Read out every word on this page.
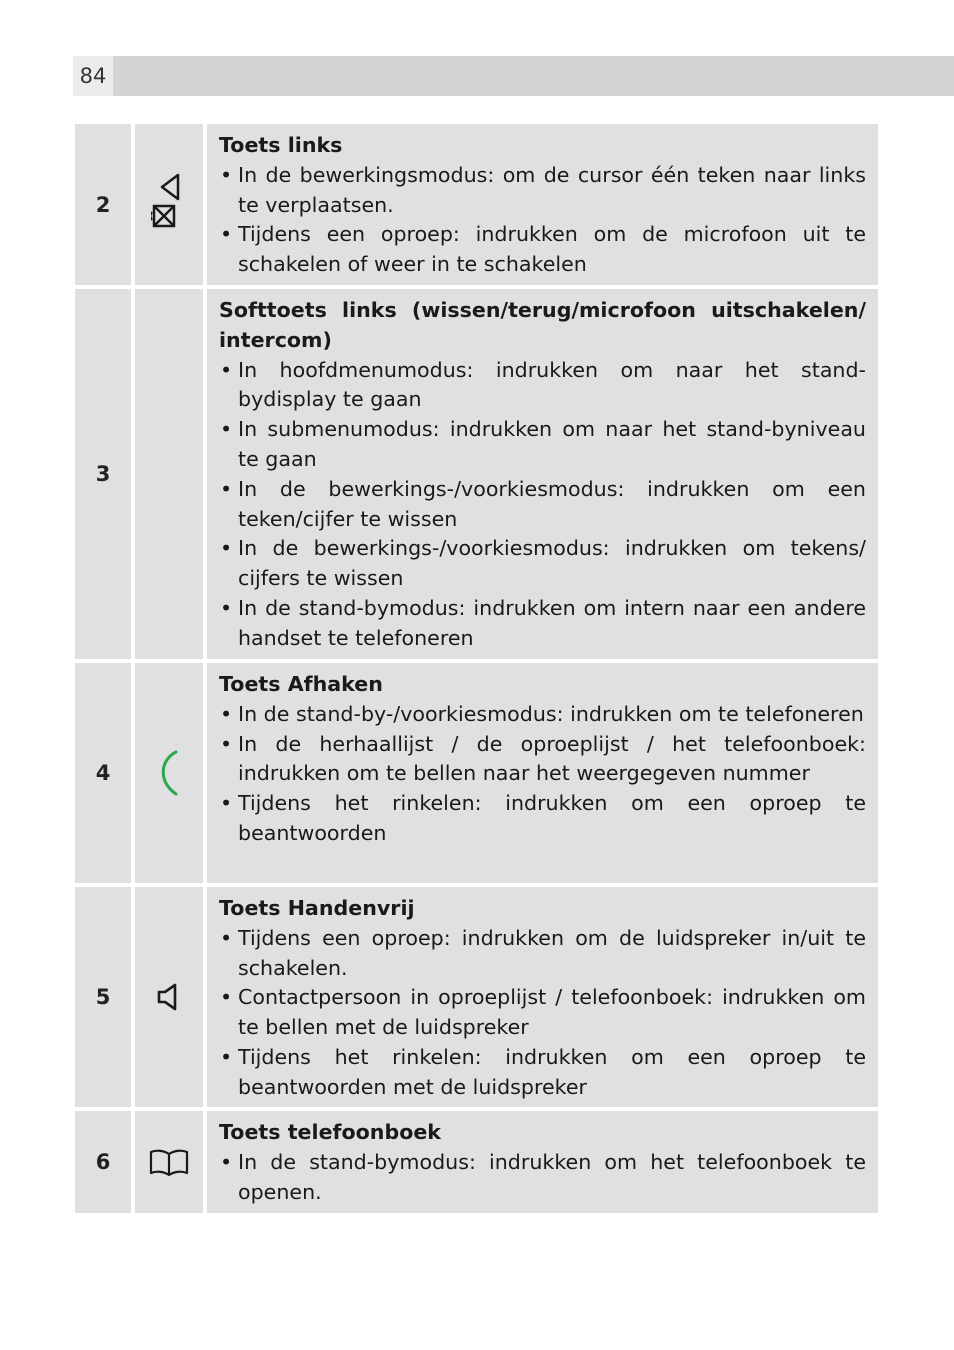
84
2
Toets links
• In de bewerkingsmodus: om de cursor één teken naar links te verplaatsen.
• Tijdens een oproep: indrukken om de microfoon uit te schakelen of weer in te schakelen
3
Softtoets links (wissen/terug/microfoon uitschakelen/ intercom)
• In hoofdmenumodus: indrukken om naar het stand-bydisplay te gaan
• In submenumodus: indrukken om naar het stand-byniveau te gaan
• In de bewerkings-/voorkiesmodus: indrukken om een teken/cijfer te wissen
• In de bewerkings-/voorkiesmodus: indrukken om tekens/ cijfers te wissen
• In de stand-bymodus: indrukken om intern naar een andere handset te telefoneren
4
Toets Afhaken
• In de stand-by-/voorkiesmodus: indrukken om te telefoneren
• In de herhaallijst / de oproeplijst / het telefoonboek: indrukken om te bellen naar het weergegeven nummer
• Tijdens het rinkelen: indrukken om een oproep te beantwoorden
5
Toets Handenvrij
• Tijdens een oproep: indrukken om de luidspreker in/uit te schakelen.
• Contactpersoon in oproeplijst / telefoonboek: indrukken om te bellen met de luidspreker
• Tijdens het rinkelen: indrukken om een oproep te beantwoorden met de luidspreker
6
Toets telefoonboek
• In de stand-bymodus: indrukken om het telefoonboek te openen.
